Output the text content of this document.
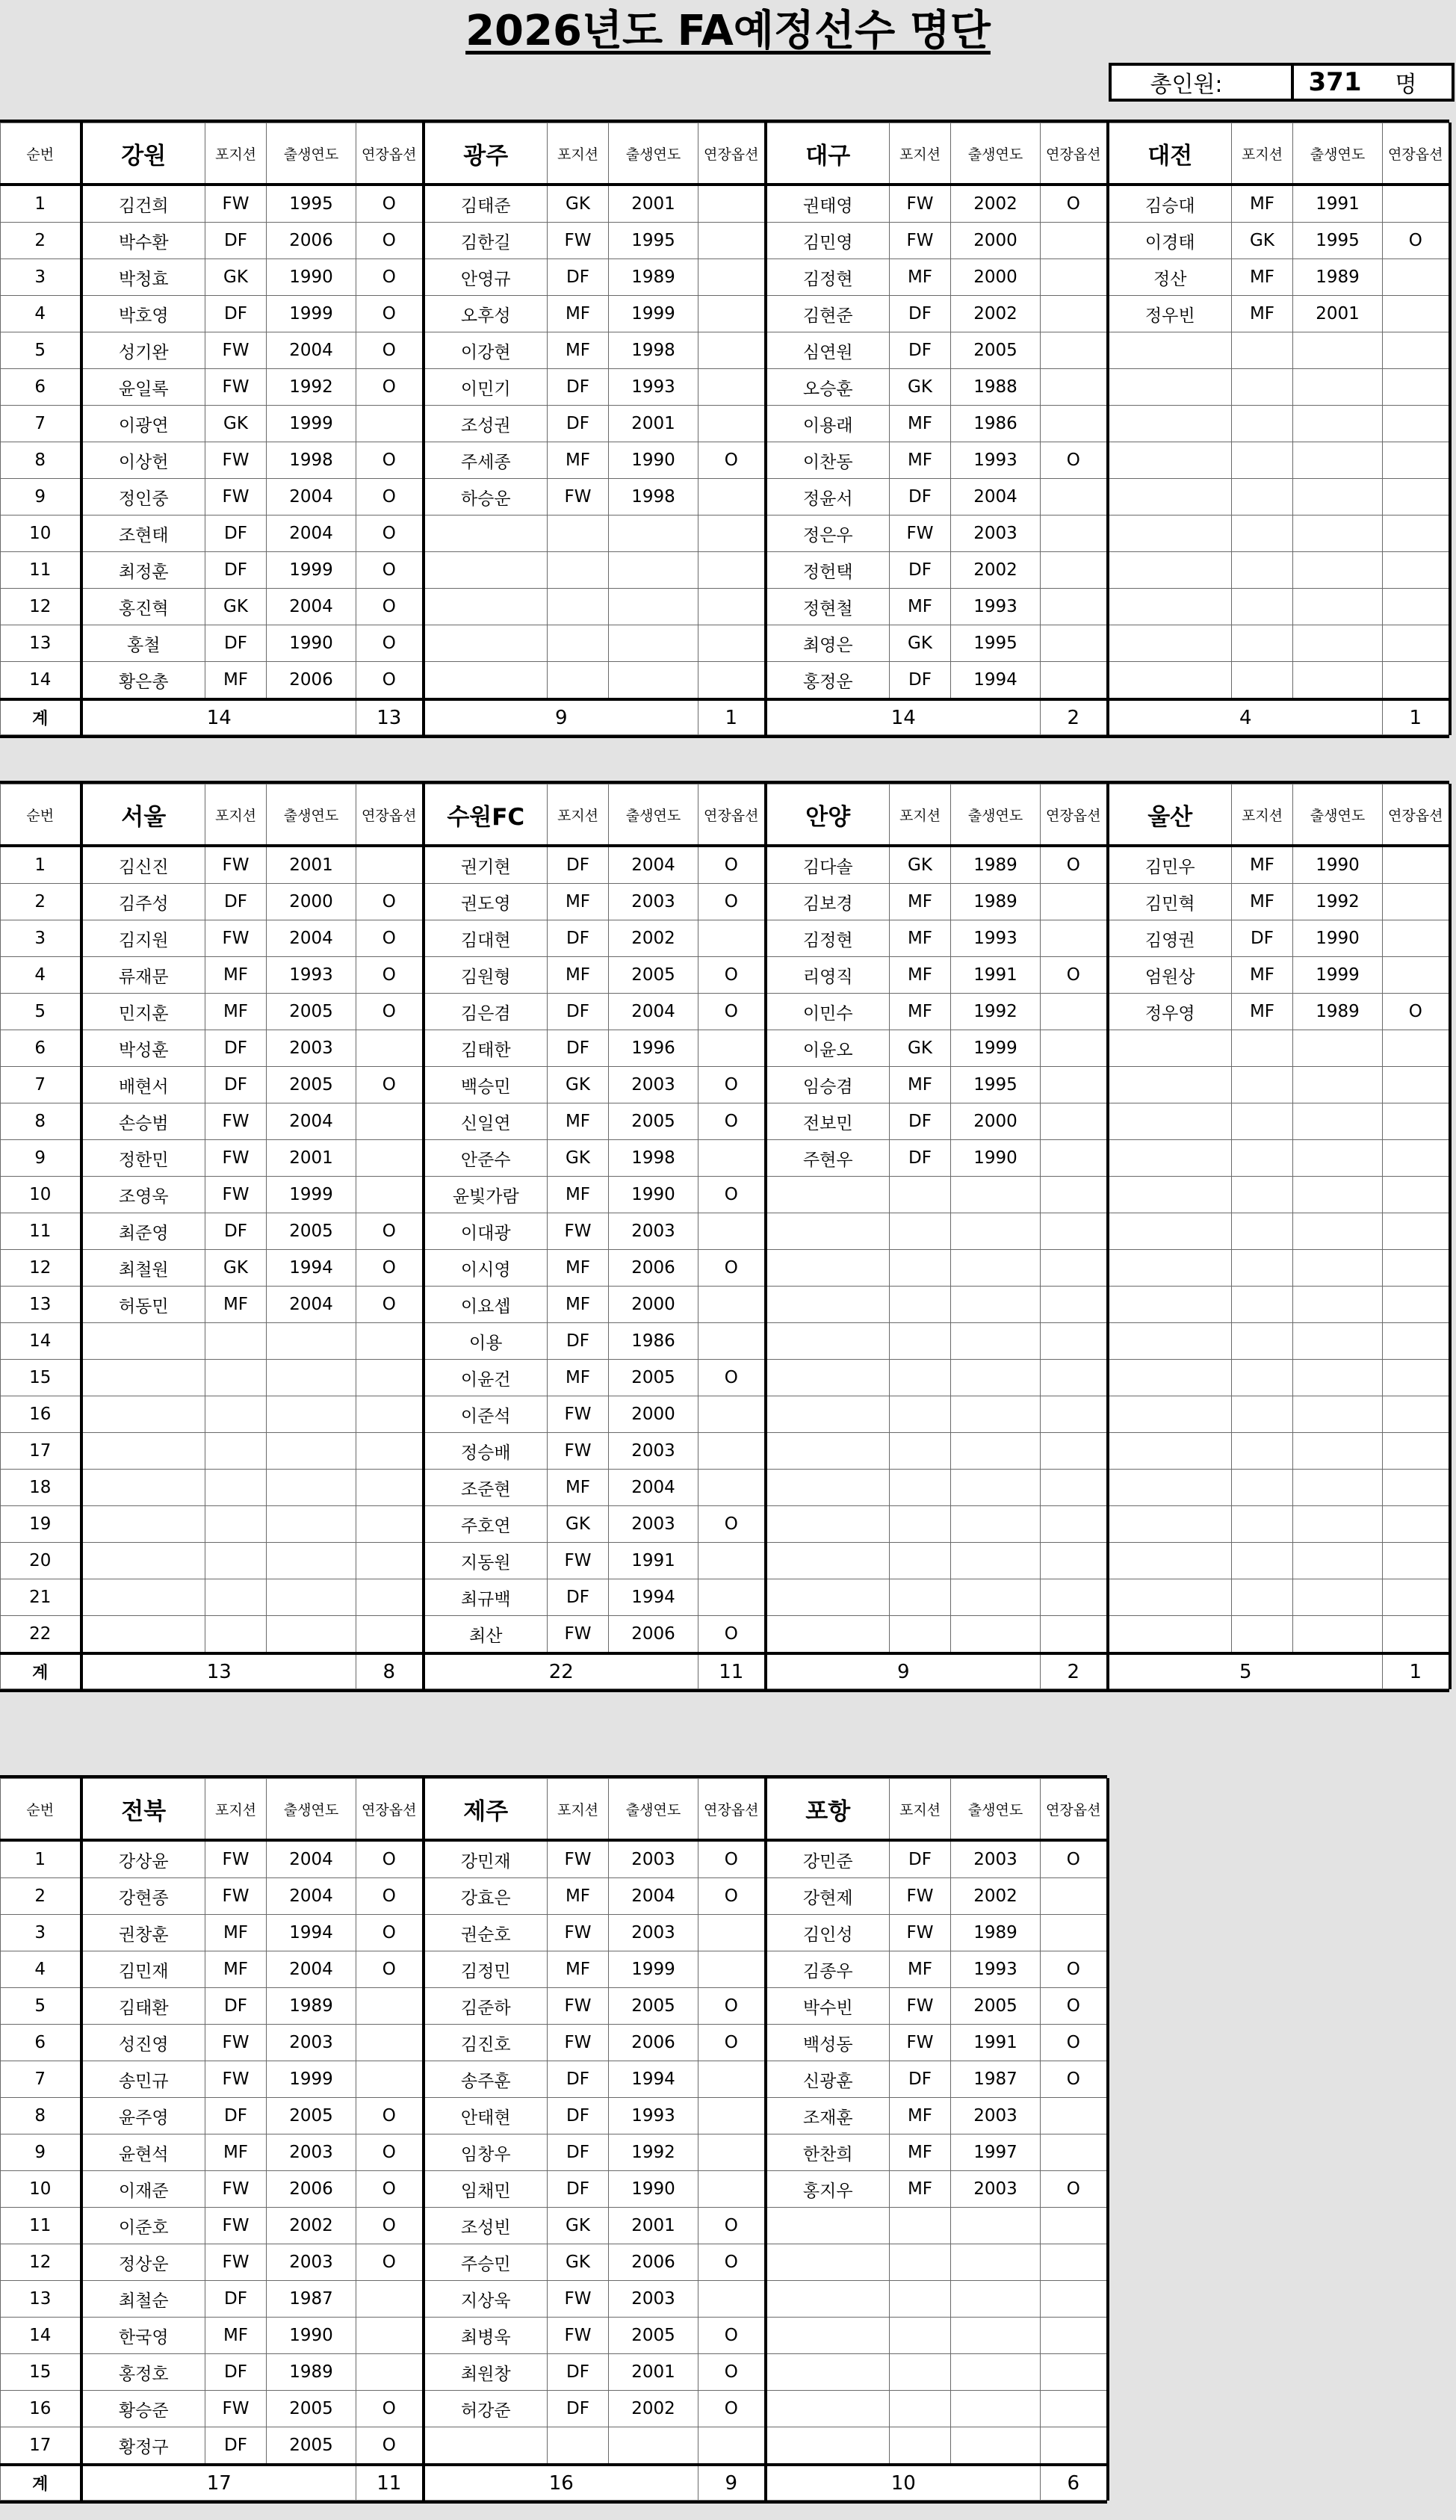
2026년도 FA예정선수 명단
총인원:	371	명
순번	강원	포지션	출생연도	연장옵션	광주	포지션	출생연도	연장옵션	대구	포지션	출생연도	연장옵션	대전	포지션	출생연도	연장옵션
1	김건희	FW	1995	O	김태준	GK	2001		권태영	FW	2002	O	김승대	MF	1991	
2	박수환	DF	2006	O	김한길	FW	1995		김민영	FW	2000		이경태	GK	1995	O
3	박청효	GK	1990	O	안영규	DF	1989		김정현	MF	2000		정산	MF	1989	
4	박호영	DF	1999	O	오후성	MF	1999		김현준	DF	2002		정우빈	MF	2001	
5	성기완	FW	2004	O	이강현	MF	1998		심연원	DF	2005					
6	윤일록	FW	1992	O	이민기	DF	1993		오승훈	GK	1988					
7	이광연	GK	1999		조성권	DF	2001		이용래	MF	1986					
8	이상헌	FW	1998	O	주세종	MF	1990	O	이찬동	MF	1993	O				
9	정인중	FW	2004	O	하승운	FW	1998		정윤서	DF	2004					
10	조현태	DF	2004	O					정은우	FW	2003					
11	최정훈	DF	1999	O					정헌택	DF	2002					
12	홍진혁	GK	2004	O					정현철	MF	1993					
13	홍철	DF	1990	O					최영은	GK	1995					
14	황은총	MF	2006	O					홍정운	DF	1994					
계	14			13	9			1	14			2	4			1
순번	서울	포지션	출생연도	연장옵션	수원FC	포지션	출생연도	연장옵션	안양	포지션	출생연도	연장옵션	울산	포지션	출생연도	연장옵션
1	김신진	FW	2001		권기현	DF	2004	O	김다솔	GK	1989	O	김민우	MF	1990	
2	김주성	DF	2000	O	권도영	MF	2003	O	김보경	MF	1989		김민혁	MF	1992	
3	김지원	FW	2004	O	김대현	DF	2002		김정현	MF	1993		김영권	DF	1990	
4	류재문	MF	1993	O	김원형	MF	2005	O	리영직	MF	1991	O	엄원상	MF	1999	
5	민지훈	MF	2005	O	김은겸	DF	2004	O	이민수	MF	1992		정우영	MF	1989	O
6	박성훈	DF	2003		김태한	DF	1996		이윤오	GK	1999					
7	배현서	DF	2005	O	백승민	GK	2003	O	임승겸	MF	1995					
8	손승범	FW	2004		신일연	MF	2005	O	전보민	DF	2000					
9	정한민	FW	2001		안준수	GK	1998		주현우	DF	1990					
10	조영욱	FW	1999		윤빛가람	MF	1990	O								
11	최준영	DF	2005	O	이대광	FW	2003									
12	최철원	GK	1994	O	이시영	MF	2006	O								
13	허동민	MF	2004	O	이요셉	MF	2000									
14					이용	DF	1986									
15					이윤건	MF	2005	O								
16					이준석	FW	2000									
17					정승배	FW	2003									
18					조준현	MF	2004									
19					주호연	GK	2003	O								
20					지동원	FW	1991									
21					최규백	DF	1994									
22					최산	FW	2006	O								
계	13			8	22			11	9			2	5			1
순번	전북	포지션	출생연도	연장옵션	제주	포지션	출생연도	연장옵션	포항	포지션	출생연도	연장옵션
1	강상윤	FW	2004	O	강민재	FW	2003	O	강민준	DF	2003	O
2	강현종	FW	2004	O	강효은	MF	2004	O	강현제	FW	2002	
3	권창훈	MF	1994	O	권순호	FW	2003		김인성	FW	1989	
4	김민재	MF	2004	O	김정민	MF	1999		김종우	MF	1993	O
5	김태환	DF	1989		김준하	FW	2005	O	박수빈	FW	2005	O
6	성진영	FW	2003		김진호	FW	2006	O	백성동	FW	1991	O
7	송민규	FW	1999		송주훈	DF	1994		신광훈	DF	1987	O
8	윤주영	DF	2005	O	안태현	DF	1993		조재훈	MF	2003	
9	윤현석	MF	2003	O	임창우	DF	1992		한찬희	MF	1997	
10	이재준	FW	2006	O	임채민	DF	1990		홍지우	MF	2003	O
11	이준호	FW	2002	O	조성빈	GK	2001	O				
12	정상운	FW	2003	O	주승민	GK	2006	O				
13	최철순	DF	1987		지상욱	FW	2003					
14	한국영	MF	1990		최병욱	FW	2005	O				
15	홍정호	DF	1989		최원창	DF	2001	O				
16	황승준	FW	2005	O	허강준	DF	2002	O				
17	황정구	DF	2005	O								
계	17			11	16			9	10			6
